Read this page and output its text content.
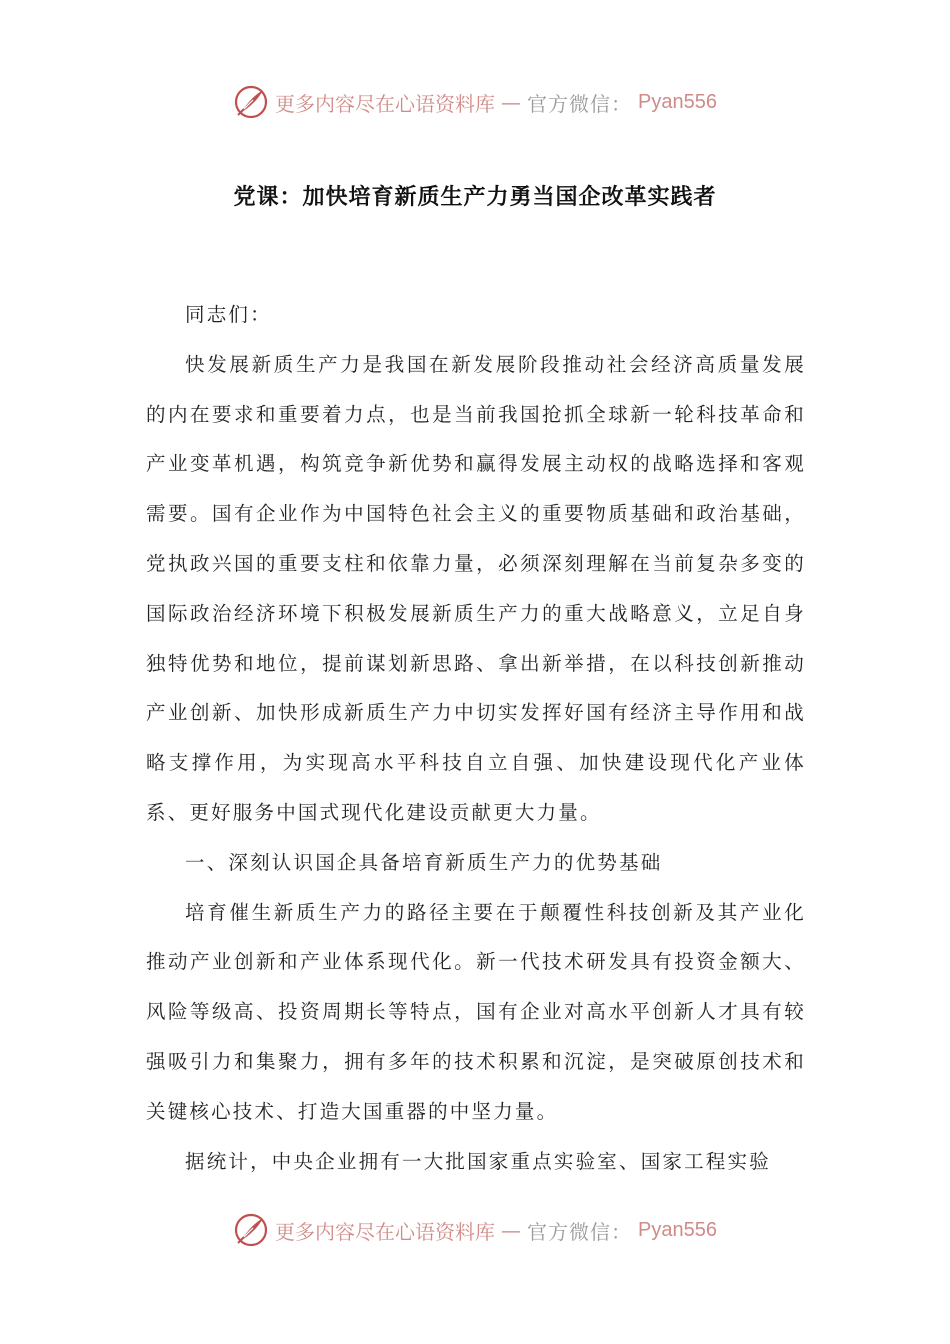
更多内容尽在心语资料库 — 官方微信： Pyan556
党课：加快培育新质生产力勇当国企改革实践者

同志们：

快发展新质生产力是我国在新发展阶段推动社会经济高质量发展的内在要求和重要着力点，也是当前我国抢抓全球新一轮科技革命和产业变革机遇，构筑竞争新优势和赢得发展主动权的战略选择和客观需要。国有企业作为中国特色社会主义的重要物质基础和政治基础，党执政兴国的重要支柱和依靠力量，必须深刻理解在当前复杂多变的国际政治经济环境下积极发展新质生产力的重大战略意义，立足自身独特优势和地位，提前谋划新思路、拿出新举措，在以科技创新推动产业创新、加快形成新质生产力中切实发挥好国有经济主导作用和战略支撑作用，为实现高水平科技自立自强、加快建设现代化产业体系、更好服务中国式现代化建设贡献更大力量。

一、深刻认识国企具备培育新质生产力的优势基础

培育催生新质生产力的路径主要在于颠覆性科技创新及其产业化推动产业创新和产业体系现代化。新一代技术研发具有投资金额大、风险等级高、投资周期长等特点，国有企业对高水平创新人才具有较强吸引力和集聚力，拥有多年的技术积累和沉淀，是突破原创技术和关键核心技术、打造大国重器的中坚力量。

据统计，中央企业拥有一大批国家重点实验室、国家工程实验

更多内容尽在心语资料库 — 官方微信： Pyan556
